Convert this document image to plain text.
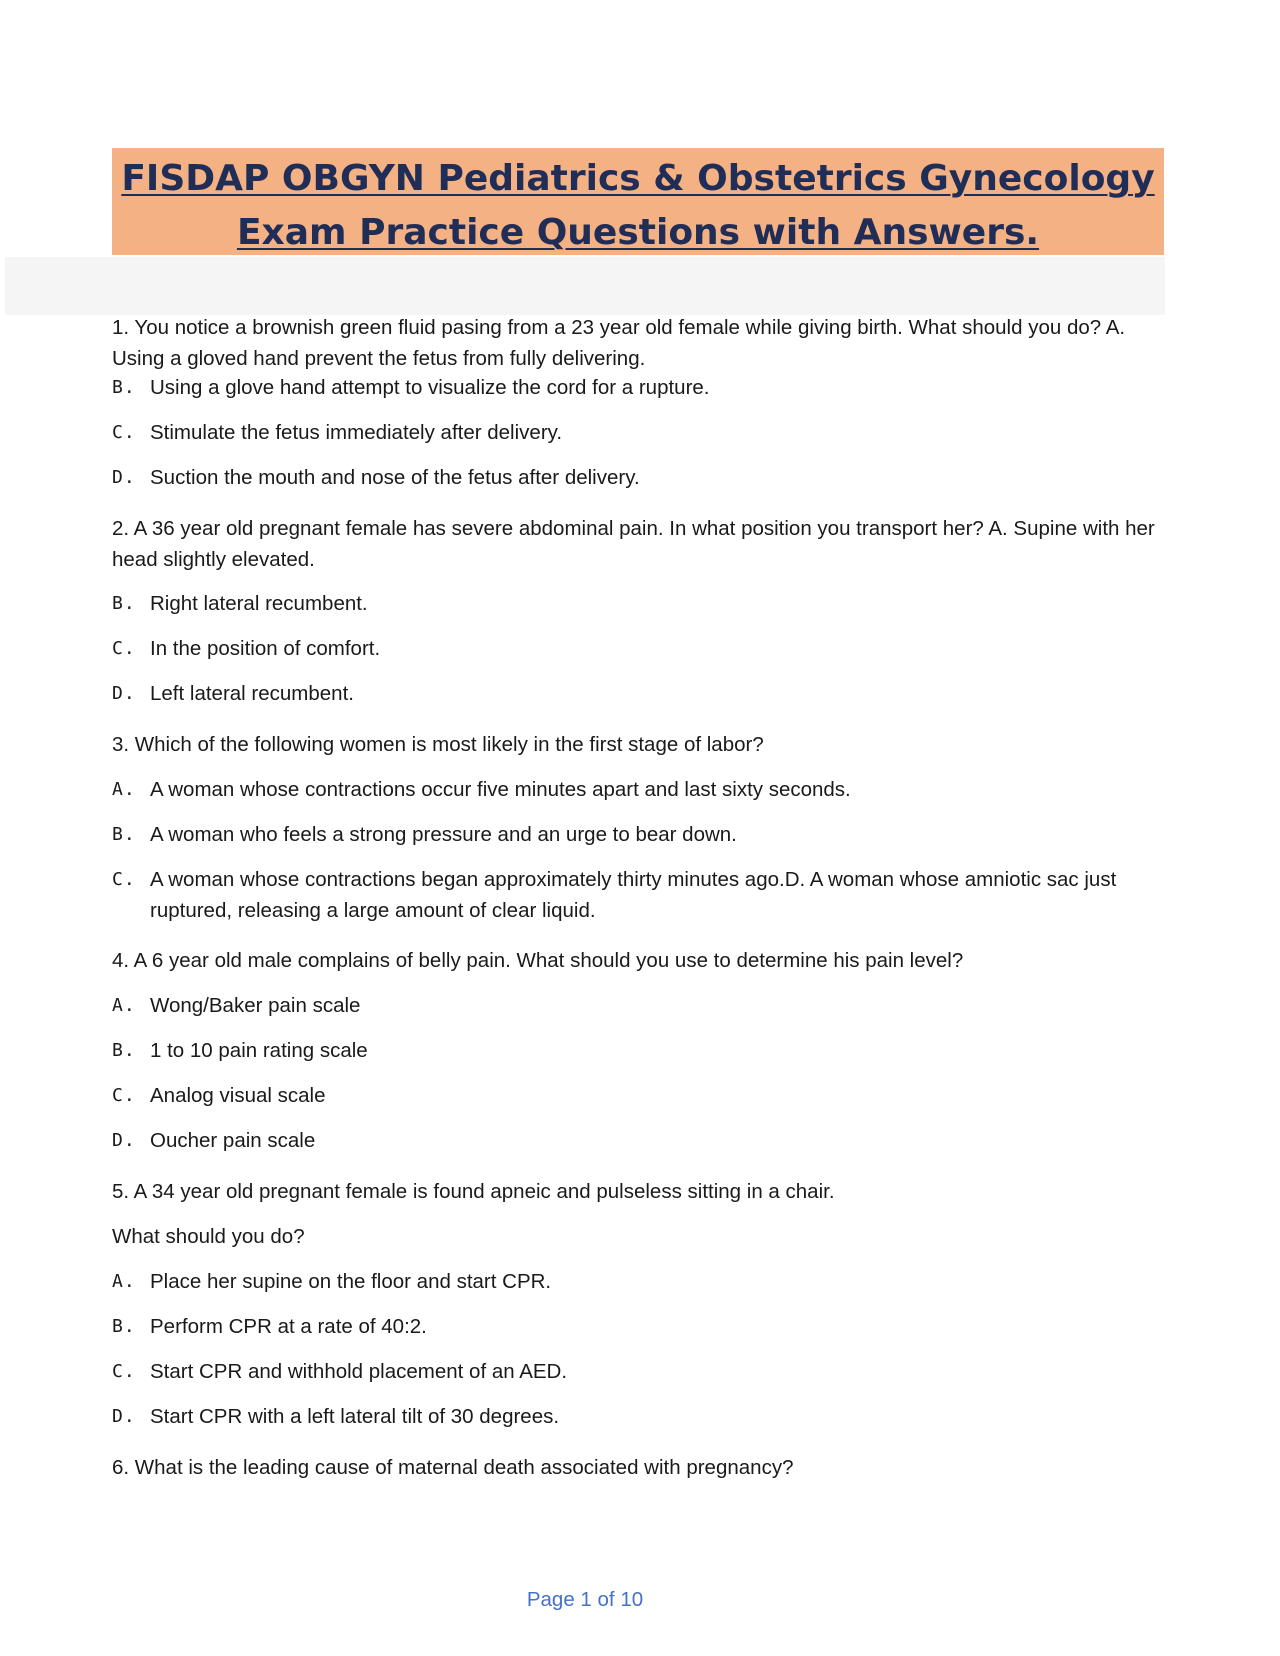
FISDAP OBGYN Pediatrics & Obstetrics Gynecology
Exam Practice Questions with Answers.

1. You notice a brownish green fluid pasing from a 23 year old female while giving birth. What should you do? A. Using a gloved hand prevent the fetus from fully delivering.

B. Using a glove hand attempt to visualize the cord for a rupture.
C. Stimulate the fetus immediately after delivery.
D. Suction the mouth and nose of the fetus after delivery.

2. A 36 year old pregnant female has severe abdominal pain. In what position you transport her? A. Supine with her head slightly elevated.

B. Right lateral recumbent.
C. In the position of comfort.
D. Left lateral recumbent.

3. Which of the following women is most likely in the first stage of labor?

A. A woman whose contractions occur five minutes apart and last sixty seconds.
B. A woman who feels a strong pressure and an urge to bear down.
C. A woman whose contractions began approximately thirty minutes ago.D. A woman whose amniotic sac just ruptured, releasing a large amount of clear liquid.

4. A 6 year old male complains of belly pain. What should you use to determine his pain level?

A. Wong/Baker pain scale
B. 1 to 10 pain rating scale
C. Analog visual scale
D. Oucher pain scale

5. A 34 year old pregnant female is found apneic and pulseless sitting in a chair.

What should you do?

A. Place her supine on the floor and start CPR.
B. Perform CPR at a rate of 40:2.
C. Start CPR and withhold placement of an AED.
D. Start CPR with a left lateral tilt of 30 degrees.

6. What is the leading cause of maternal death associated with pregnancy?

Page 1 of 10
